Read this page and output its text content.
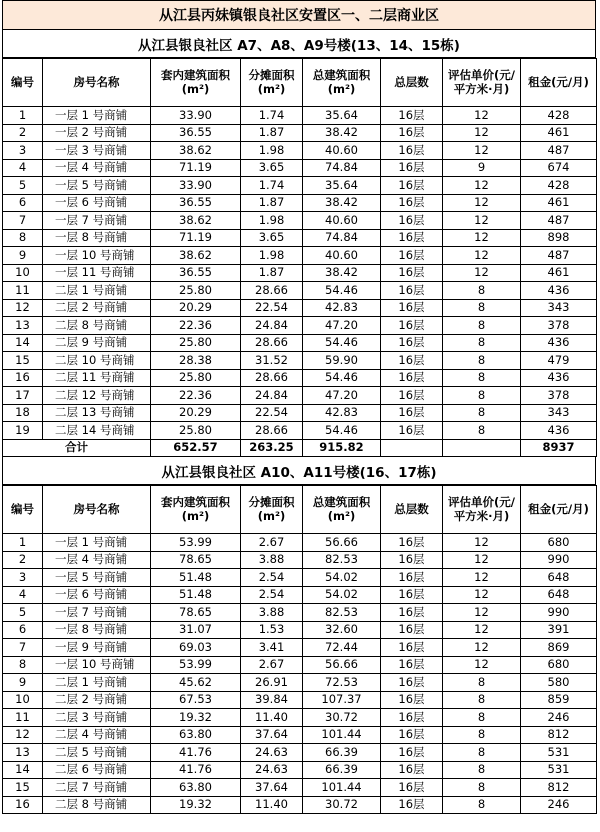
从江县丙妹镇银良社区安置区一、二层商业区
从江县银良社区 A7、A8、A9号楼(13、14、15栋)
编号	房号名称	套内建筑面积(m²)	分摊面积(m²)	总建筑面积(m²)	总层数	评估单价(元/平方米·月)	租金(元/月)
1	一层 1 号商铺	33.90	1.74	35.64	16层	12	428
2	一层 2 号商铺	36.55	1.87	38.42	16层	12	461
3	一层 3 号商铺	38.62	1.98	40.60	16层	12	487
4	一层 4 号商铺	71.19	3.65	74.84	16层	9	674
5	一层 5 号商铺	33.90	1.74	35.64	16层	12	428
6	一层 6 号商铺	36.55	1.87	38.42	16层	12	461
7	一层 7 号商铺	38.62	1.98	40.60	16层	12	487
8	一层 8 号商铺	71.19	3.65	74.84	16层	12	898
9	一层 10 号商铺	38.62	1.98	40.60	16层	12	487
10	一层 11 号商铺	36.55	1.87	38.42	16层	12	461
11	二层 1 号商铺	25.80	28.66	54.46	16层	8	436
12	二层 2 号商铺	20.29	22.54	42.83	16层	8	343
13	二层 8 号商铺	22.36	24.84	47.20	16层	8	378
14	二层 9 号商铺	25.80	28.66	54.46	16层	8	436
15	二层 10 号商铺	28.38	31.52	59.90	16层	8	479
16	二层 11 号商铺	25.80	28.66	54.46	16层	8	436
17	二层 12 号商铺	22.36	24.84	47.20	16层	8	378
18	二层 13 号商铺	20.29	22.54	42.83	16层	8	343
19	二层 14 号商铺	25.80	28.66	54.46	16层	8	436
合计		652.57	263.25	915.82			8937
从江县银良社区 A10、A11号楼(16、17栋)
编号	房号名称	套内建筑面积(m²)	分摊面积(m²)	总建筑面积(m²)	总层数	评估单价(元/平方米·月)	租金(元/月)
1	一层 1 号商铺	53.99	2.67	56.66	16层	12	680
2	一层 4 号商铺	78.65	3.88	82.53	16层	12	990
3	一层 5 号商铺	51.48	2.54	54.02	16层	12	648
4	一层 6 号商铺	51.48	2.54	54.02	16层	12	648
5	一层 7 号商铺	78.65	3.88	82.53	16层	12	990
6	一层 8 号商铺	31.07	1.53	32.60	16层	12	391
7	一层 9 号商铺	69.03	3.41	72.44	16层	12	869
8	一层 10 号商铺	53.99	2.67	56.66	16层	12	680
9	二层 1 号商铺	45.62	26.91	72.53	16层	8	580
10	二层 2 号商铺	67.53	39.84	107.37	16层	8	859
11	二层 3 号商铺	19.32	11.40	30.72	16层	8	246
12	二层 4 号商铺	63.80	37.64	101.44	16层	8	812
13	二层 5 号商铺	41.76	24.63	66.39	16层	8	531
14	二层 6 号商铺	41.76	24.63	66.39	16层	8	531
15	二层 7 号商铺	63.80	37.64	101.44	16层	8	812
16	二层 8 号商铺	19.32	11.40	30.72	16层	8	246
